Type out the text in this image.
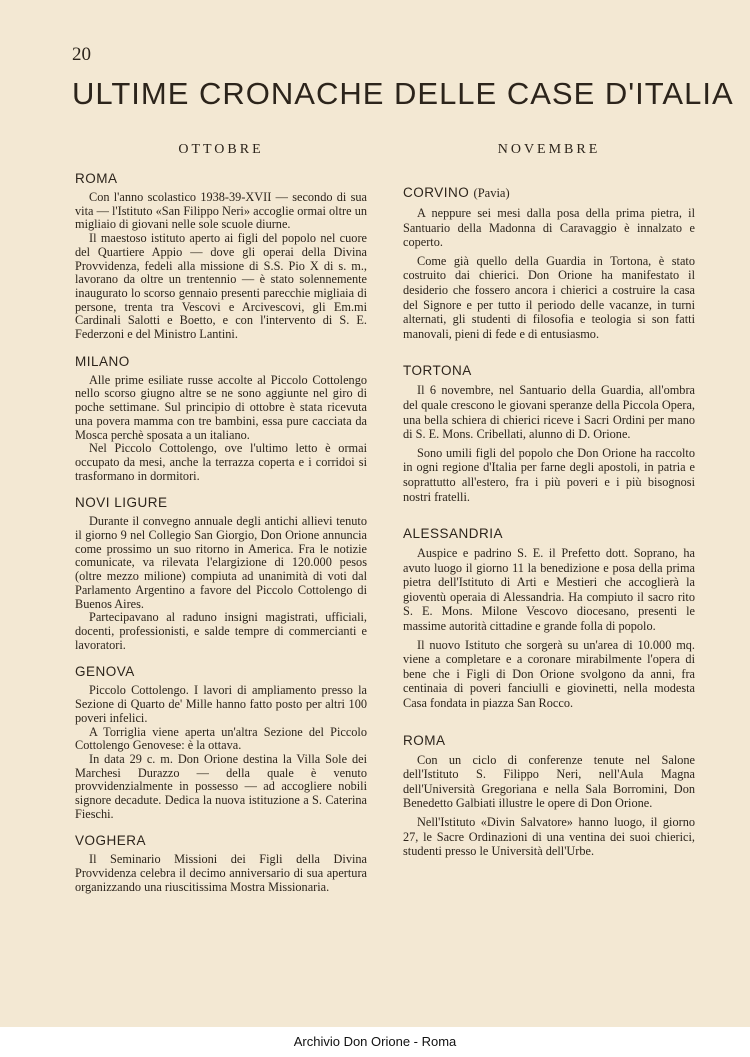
20
ULTIME CRONACHE DELLE CASE D'ITALIA
OTTOBRE
ROMA

Con l'anno scolastico 1938-39-XVII — secondo di sua vita — l'Istituto «San Filippo Neri» accoglie ormai oltre un migliaio di giovani nelle sole scuole diurne.

Il maestoso istituto aperto ai figli del popolo nel cuore del Quartiere Appio — dove gli operai della Divina Provvidenza, fedeli alla missione di S.S. Pio X di s. m., lavorano da oltre un trentennio — è stato solennemente inaugurato lo scorso gennaio presenti parecchie migliaia di persone, trenta tra Vescovi e Arcivescovi, gli Em.mi Cardinali Salotti e Boetto, e con l'intervento di S. E. Federzoni e del Ministro Lantini.

MILANO

Alle prime esiliate russe accolte al Piccolo Cottolengo nello scorso giugno altre se ne sono aggiunte nel giro di poche settimane. Sul principio di ottobre è stata ricevuta una povera mamma con tre bambini, essa pure cacciata da Mosca perchè sposata a un italiano.

Nel Piccolo Cottolengo, ove l'ultimo letto è ormai occupato da mesi, anche la terrazza coperta e i corridoi si trasformano in dormitori.

NOVI LIGURE

Durante il convegno annuale degli antichi allievi tenuto il giorno 9 nel Collegio San Giorgio, Don Orione annuncia come prossimo un suo ritorno in America. Fra le notizie comunicate, va rilevata l'elargizione di 120.000 pesos (oltre mezzo milione) compiuta ad unanimità di voti dal Parlamento Argentino a favore del Piccolo Cottolengo di Buenos Aires.

Partecipavano al raduno insigni magistrati, ufficiali, docenti, professionisti, e salde tempre di commercianti e lavoratori.

GENOVA

Piccolo Cottolengo. I lavori di ampliamento presso la Sezione di Quarto de' Mille hanno fatto posto per altri 100 poveri infelici.

A Torriglia viene aperta un'altra Sezione del Piccolo Cottolengo Genovese: è la ottava.

In data 29 c. m. Don Orione destina la Villa Sole dei Marchesi Durazzo — della quale è venuto provvidenzialmente in possesso — ad accogliere nobili signore decadute. Dedica la nuova istituzione a S. Caterina Fieschi.

VOGHERA

Il Seminario Missioni dei Figli della Divina Provvidenza celebra il decimo anniversario di sua apertura organizzando una riuscitissima Mostra Missionaria.

NOVEMBRE
CORVINO (Pavia)

A neppure sei mesi dalla posa della prima pietra, il Santuario della Madonna di Caravaggio è innalzato e coperto.

Come già quello della Guardia in Tortona, è stato costruito dai chierici. Don Orione ha manifestato il desiderio che fossero ancora i chierici a costruire la casa del Signore e per tutto il periodo delle vacanze, in turni alternati, gli studenti di filosofia e teologia si son fatti manovali, pieni di fede e di entusiasmo.

TORTONA

Il 6 novembre, nel Santuario della Guardia, all'ombra del quale crescono le giovani speranze della Piccola Opera, una bella schiera di chierici riceve i Sacri Ordini per mano di S. E. Mons. Cribellati, alunno di D. Orione.

Sono umili figli del popolo che Don Orione ha raccolto in ogni regione d'Italia per farne degli apostoli, in patria e soprattutto all'estero, fra i più poveri e i più bisognosi nostri fratelli.

ALESSANDRIA

Auspice e padrino S. E. il Prefetto dott. Soprano, ha avuto luogo il giorno 11 la benedizione e posa della prima pietra dell'Istituto di Arti e Mestieri che accoglierà la gioventù operaia di Alessandria. Ha compiuto il sacro rito S. E. Mons. Milone Vescovo diocesano, presenti le massime autorità cittadine e grande folla di popolo.

Il nuovo Istituto che sorgerà su un'area di 10.000 mq. viene a completare e a coronare mirabilmente l'opera di bene che i Figli di Don Orione svolgono da anni, fra centinaia di poveri fanciulli e giovinetti, nella modesta Casa fondata in piazza San Rocco.

ROMA

Con un ciclo di conferenze tenute nel Salone dell'Istituto S. Filippo Neri, nell'Aula Magna dell'Università Gregoriana e nella Sala Borromini, Don Benedetto Galbiati illustre le opere di Don Orione.

Nell'Istituto «Divin Salvatore» hanno luogo, il giorno 27, le Sacre Ordinazioni di una ventina dei suoi chierici, studenti presso le Università dell'Urbe.

Archivio Don Orione - Roma
